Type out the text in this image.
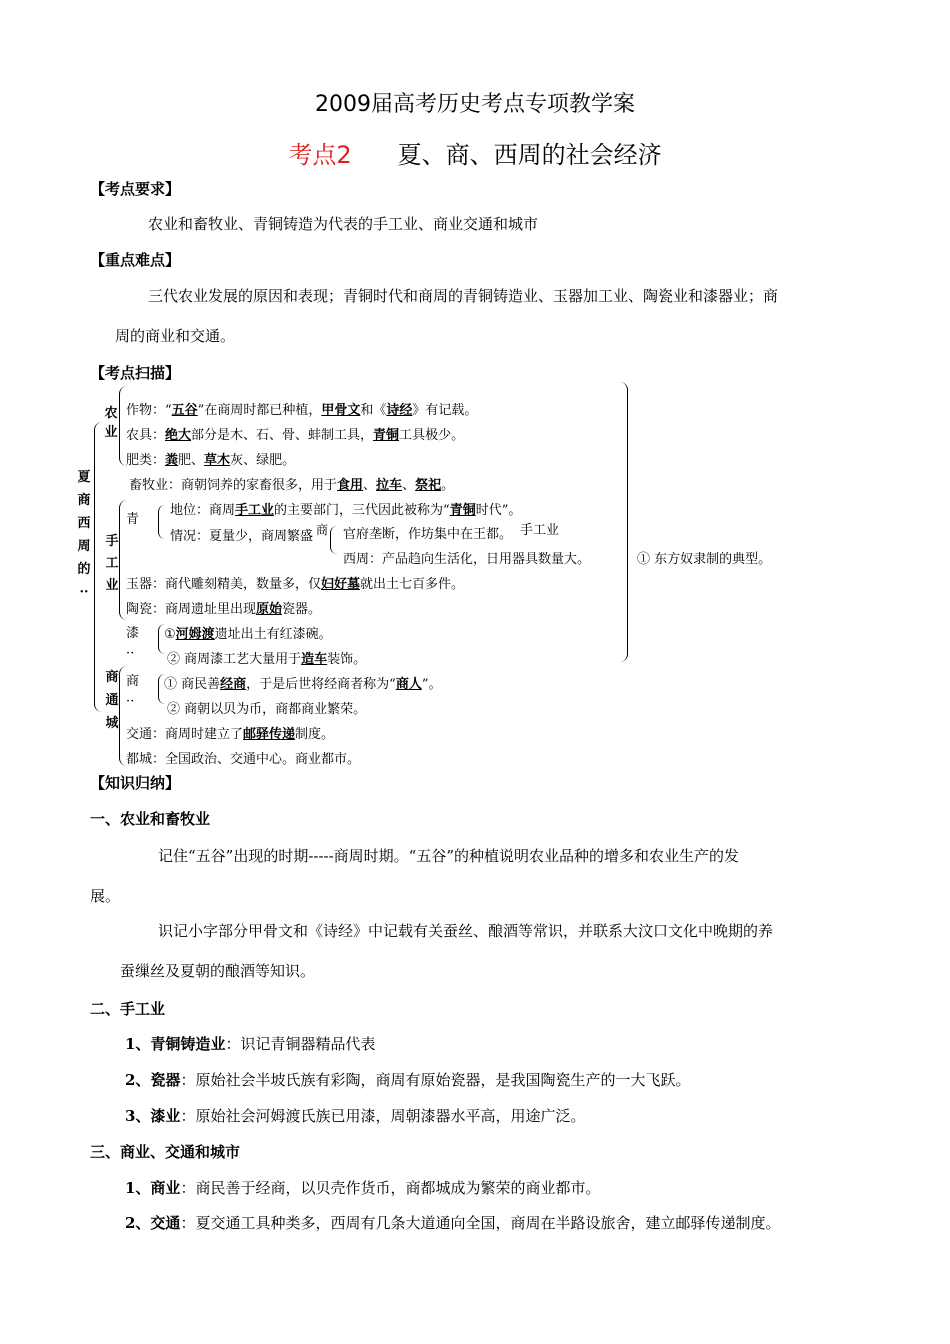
2009届高考历史考点专项教学案
考点2 夏、商、西周的社会经济
【考点要求】
农业和畜牧业、青铜铸造为代表的手工业、商业交通和城市
【重点难点】
三代农业发展的原因和表现；青铜时代和商周的青铜铸造业、玉器加工业、陶瓷业和漆器业；商
周的商业和交通。
【考点扫描】
夏商西周的··
农业
手工业
商通城
青
漆··
商··
商	手工业
作物：“五谷”在商周时都已种植，甲骨文和《诗经》有记载。
农具：绝大部分是木、石、骨、蚌制工具，青铜工具极少。
肥类：粪肥、草木灰、绿肥。
畜牧业：商朝饲养的家畜很多，用于食用、拉车、祭祀。
地位：商周手工业的主要部门，三代因此被称为“青铜时代”。
情况：夏量少，商周繁盛 官府垄断，作坊集中在王都。
西周：产品趋向生活化，日用器具数量大。	① 东方奴隶制的典型。
玉器：商代雕刻精美，数量多，仅妇好墓就出土七百多件。
陶瓷：商周遗址里出现原始瓷器。
①河姆渡遗址出土有红漆碗。
② 商周漆工艺大量用于造车装饰。
① 商民善经商，于是后世将经商者称为“商人”。
② 商朝以贝为币，商都商业繁荣。
交通：商周时建立了邮驿传递制度。
都城：全国政治、交通中心。商业都市。
【知识归纳】
一、农业和畜牧业
记住“五谷”出现的时期-----商周时期。“五谷”的种植说明农业品种的增多和农业生产的发
展。
识记小字部分甲骨文和《诗经》中记载有关蚕丝、酿酒等常识，并联系大汶口文化中晚期的养
蚕缫丝及夏朝的酿酒等知识。
二、手工业
1、青铜铸造业：识记青铜器精品代表
2、瓷器：原始社会半坡氏族有彩陶，商周有原始瓷器，是我国陶瓷生产的一大飞跃。
3、漆业：原始社会河姆渡氏族已用漆，周朝漆器水平高，用途广泛。
三、商业、交通和城市
1、商业：商民善于经商，以贝壳作货币，商都城成为繁荣的商业都市。
2、交通：夏交通工具种类多，西周有几条大道通向全国，商周在半路设旅舍，建立邮驿传递制度。
